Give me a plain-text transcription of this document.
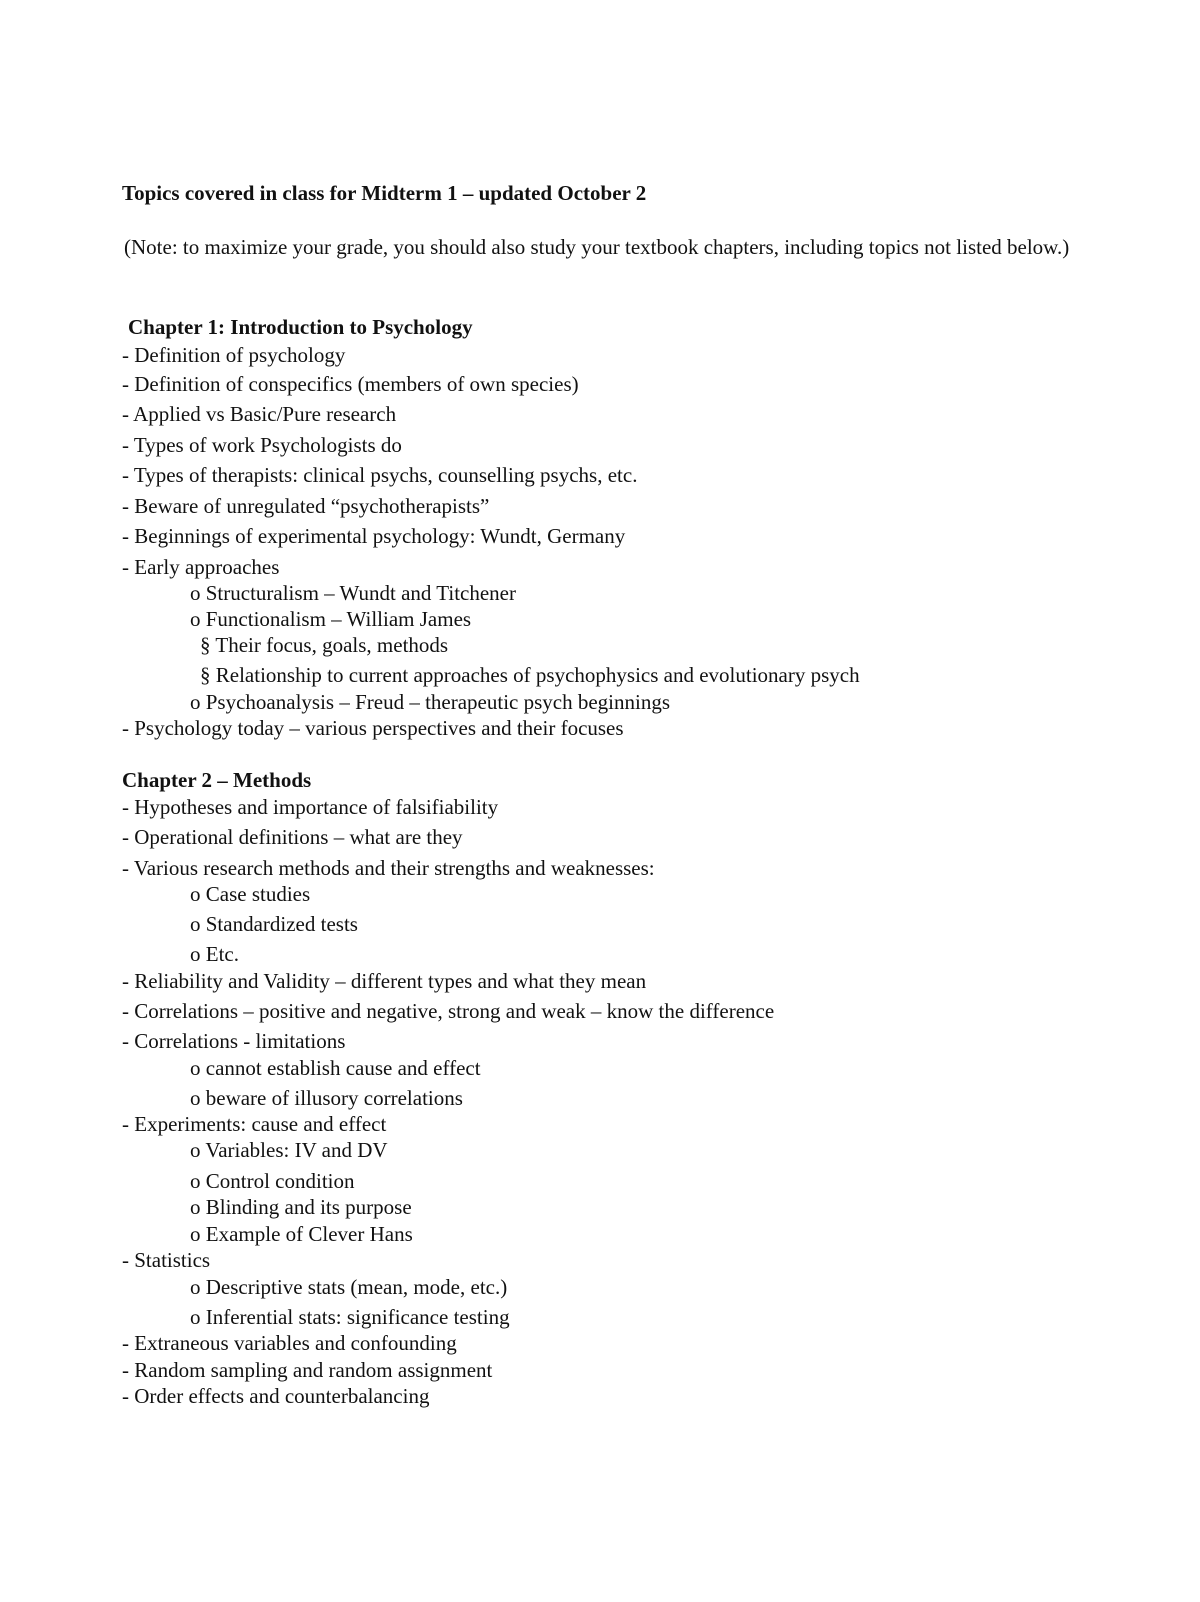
Topics covered in class for Midterm 1 – updated October 2
(Note: to maximize your grade, you should also study your textbook chapters, including topics not listed below.)
Chapter 1: Introduction to Psychology
- Definition of psychology
- Definition of conspecifics (members of own species)
- Applied vs Basic/Pure research
- Types of work Psychologists do
- Types of therapists: clinical psychs, counselling psychs, etc.
- Beware of unregulated “psychotherapists”
- Beginnings of experimental psychology: Wundt, Germany
- Early approaches
o Structuralism – Wundt and Titchener
o Functionalism – William James
§ Their focus, goals, methods
§ Relationship to current approaches of psychophysics and evolutionary psych
o Psychoanalysis – Freud – therapeutic psych beginnings
- Psychology today – various perspectives and their focuses
Chapter 2 – Methods
- Hypotheses and importance of falsifiability
- Operational definitions – what are they
- Various research methods and their strengths and weaknesses:
o Case studies
o Standardized tests
o Etc.
- Reliability and Validity – different types and what they mean
- Correlations – positive and negative, strong and weak – know the difference
- Correlations - limitations
o cannot establish cause and effect
o beware of illusory correlations
- Experiments: cause and effect
o Variables: IV and DV
o Control condition
o Blinding and its purpose
o Example of Clever Hans
- Statistics
o Descriptive stats (mean, mode, etc.)
o Inferential stats: significance testing
- Extraneous variables and confounding
- Random sampling and random assignment
- Order effects and counterbalancing
